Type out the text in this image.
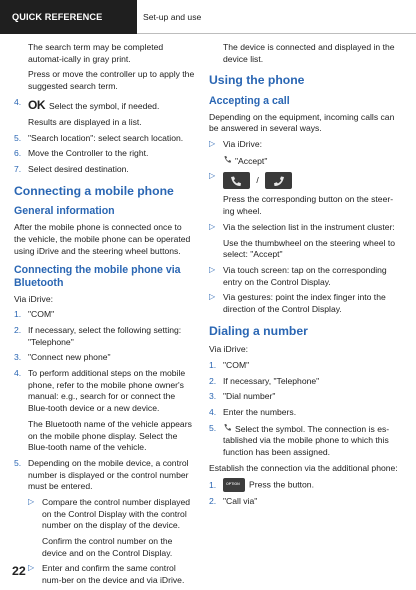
QUICK REFERENCE	Set-up and use

The search term may be completed automat-ically in gray print.

Press or move the controller up to apply the suggested search term.

4. OK Select the symbol, if needed.

Results are displayed in a list.

5. "Search location": select search location.
6. Move the Controller to the right.
7. Select desired destination.
Connecting a mobile phone
General information

After the mobile phone is connected once to the vehicle, the mobile phone can be operated using iDrive and the steering wheel buttons.

Connecting the mobile phone via Bluetooth

Via iDrive:

1. "COM"
2. If necessary, select the following setting: "Telephone"
3. "Connect new phone"
4. To perform additional steps on the mobile phone, refer to the mobile phone owner's manual: e.g., search for or connect the Blue-tooth device or a new device.

The Bluetooth name of the vehicle appears on the mobile phone display. Select the Blue-tooth name of the vehicle.

5. Depending on the mobile device, a control number is displayed or the control number must be entered.
▷ Compare the control number displayed on the Control Display with the control number on the display of the device.

Confirm the control number on the device and on the Control Display.

▷ Enter and confirm the same control num-ber on the device and via iDrive.

The device is connected and displayed in the device list.

Using the phone
Accepting a call

Depending on the equipment, incoming calls can be answered in several ways.

▷ Via iDrive:

"Accept"

▷	/

Press the corresponding button on the steer-ing wheel.

▷ Via the selection list in the instrument cluster:

Use the thumbwheel on the steering wheel to select: "Accept"

▷ Via touch screen: tap on the corresponding entry on the Control Display.
▷ Via gestures: point the index finger into the direction of the Control Display.
Dialing a number

Via iDrive:

1. "COM"
2. If necessary, "Telephone"
3. "Dial number"
4. Enter the numbers.
5.	Select the symbol. The connection is es-tablished via the mobile phone to which this function has been assigned.

Establish the connection via the additional phone:

1.	OPTION Press the button.
2. "Call via"
22
